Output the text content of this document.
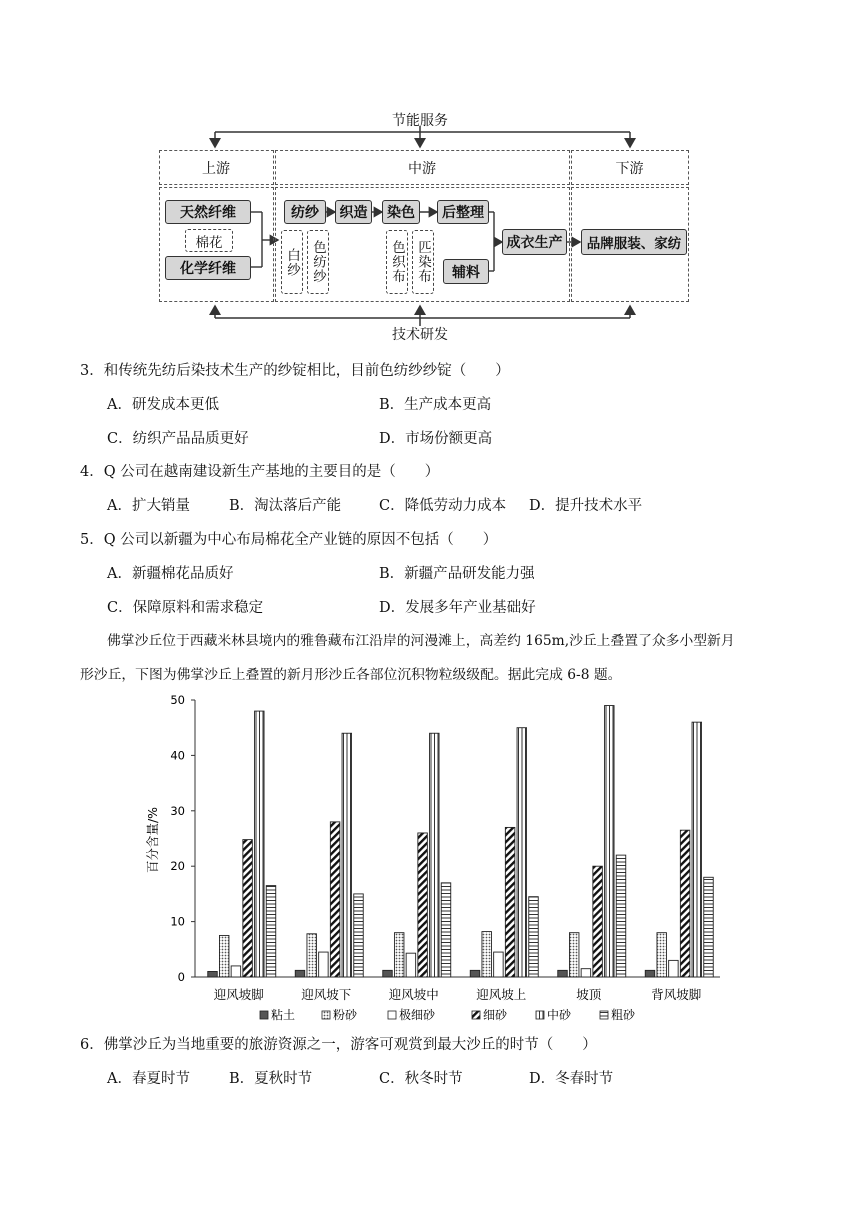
节能服务
技术研发
上游	中游	下游
天然纤维
棉花
化学纤维
纺纱	织造	染色	后整理
辅料
成衣生产
白纱 色纺纱	色织布 匹染布	品牌服装、家纺
3．和传统先纺后染技术生产的纱锭相比，目前色纺纱纱锭（　　）
A．研发成本更低	B．生产成本更高
C．纺织产品品质更好	D．市场份额更高
4．Q 公司在越南建设新生产基地的主要目的是（　　）
A．扩大销量	B．淘汰落后产能	C．降低劳动力成本 D．提升技术水平
5．Q 公司以新疆为中心布局棉花全产业链的原因不包括（　　）
A．新疆棉花品质好	B．新疆产品研发能力强
C．保障原料和需求稳定	D．发展多年产业基础好
佛掌沙丘位于西藏米林县境内的雅鲁藏布江沿岸的河漫滩上，高差约 165m,沙丘上叠置了众多小型新月
形沙丘，下图为佛掌沙丘上叠置的新月形沙丘各部位沉积物粒级级配。据此完成 6-8 题。
0
10
20
30
40
50
迎风坡脚	迎风坡下	迎风坡中	迎风坡上	坡顶	背风坡脚
粘土	粉砂	极细砂	细砂	中砂	粗砂
百分含量/%
6．佛掌沙丘为当地重要的旅游资源之一，游客可观赏到最大沙丘的时节（　　）
A．春夏时节	B．夏秋时节	C．秋冬时节	D．冬春时节
